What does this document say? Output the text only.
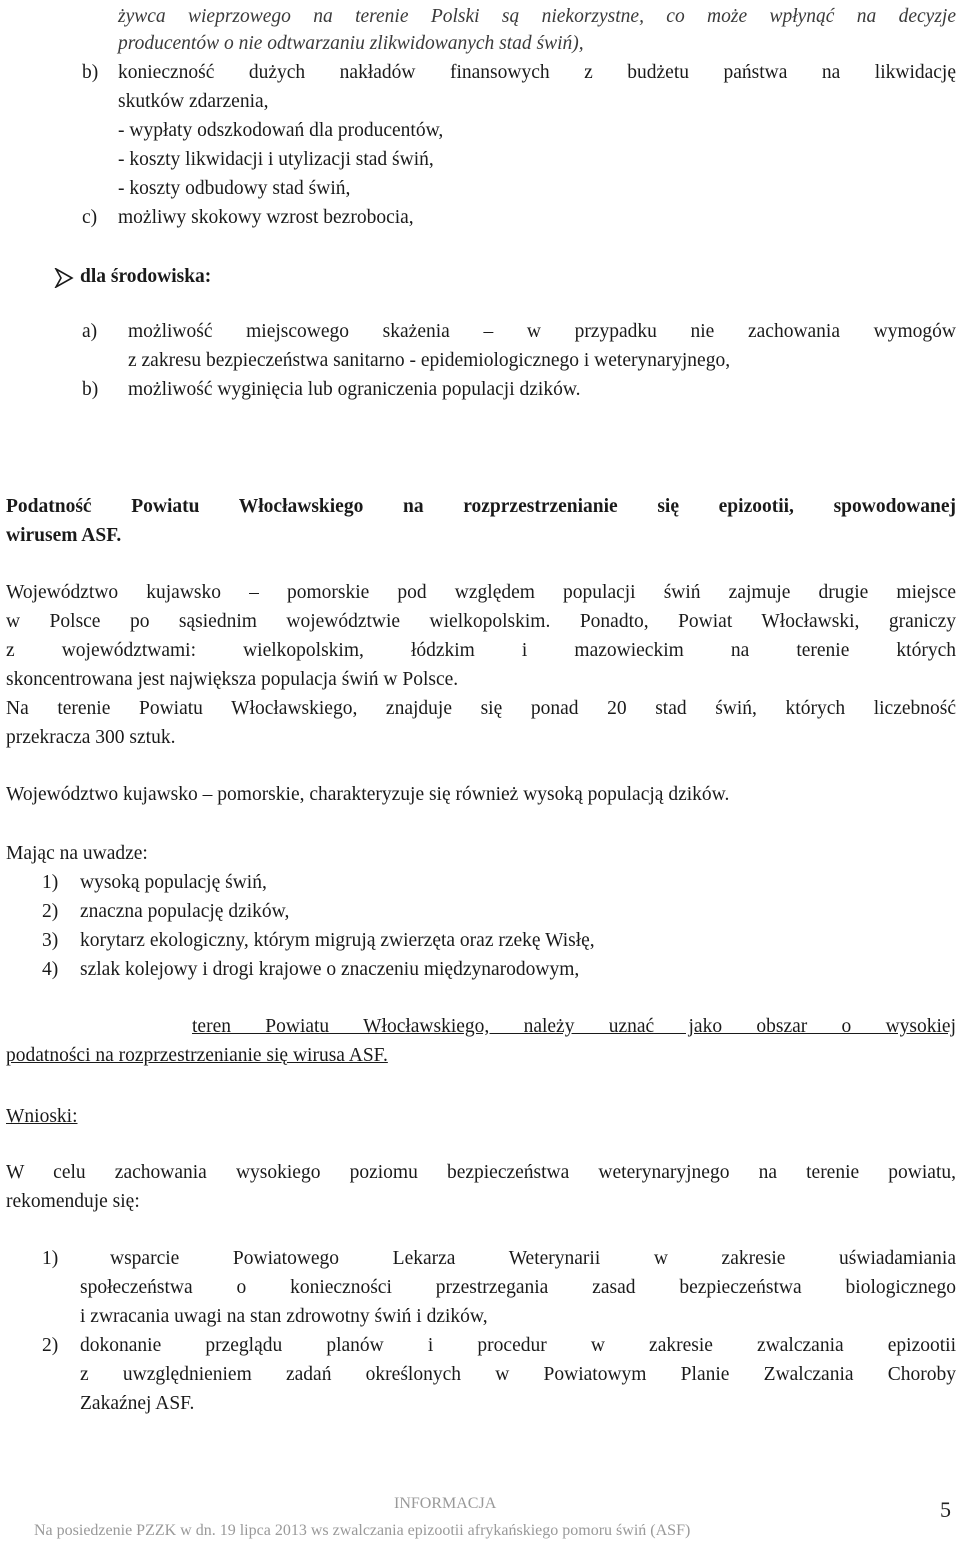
żywca wieprzowego na terenie Polski są niekorzystne, co może wpłynąć na decyzje
producentów o nie odtwarzaniu zlikwidowanych stad świń),
b) konieczność dużych nakładów finansowych z budżetu państwa na likwidację
skutków zdarzenia,
- wypłaty odszkodowań dla producentów,
- koszty likwidacji i utylizacji stad świń,
- koszty odbudowy stad świń,
c) możliwy skokowy wzrost bezrobocia,
dla środowiska:
a) możliwość miejscowego skażenia – w przypadku nie zachowania wymogów
z zakresu bezpieczeństwa sanitarno - epidemiologicznego i weterynaryjnego,
b) możliwość wyginięcia lub ograniczenia populacji dzików.
Podatność Powiatu Włocławskiego na rozprzestrzenianie się epizootii, spowodowanej
wirusem ASF.
Województwo kujawsko – pomorskie pod względem populacji świń zajmuje drugie miejsce
w Polsce po sąsiednim województwie wielkopolskim. Ponadto, Powiat Włocławski, graniczy
z województwami: wielkopolskim, łódzkim i mazowieckim na terenie których
skoncentrowana jest największa populacja świń w Polsce.
Na terenie Powiatu Włocławskiego, znajduje się ponad 20 stad świń, których liczebność
przekracza 300 sztuk.
Województwo kujawsko – pomorskie, charakteryzuje się również wysoką populacją dzików.
Mając na uwadze:
1) wysoką populację świń,
2) znaczna populację dzików,
3) korytarz ekologiczny, którym migrują zwierzęta oraz rzekę Wisłę,
4) szlak kolejowy i drogi krajowe o znaczeniu międzynarodowym,
teren Powiatu Włocławskiego, należy uznać jako obszar o wysokiej
podatności na rozprzestrzenianie się wirusa ASF.
Wnioski:
W celu zachowania wysokiego poziomu bezpieczeństwa weterynaryjnego na terenie powiatu,
rekomenduje się:
1)	wsparcie Powiatowego Lekarza Weterynarii w zakresie uświadamiania
społeczeństwa o konieczności przestrzegania zasad bezpieczeństwa biologicznego
i zwracania uwagi na stan zdrowotny świń i dzików,
2) dokonanie przeglądu planów i procedur w zakresie zwalczania epizootii
z uwzględnieniem zadań określonych w Powiatowym Planie Zwalczania Choroby
Zakaźnej ASF.
INFORMACJA
Na posiedzenie PZZK w dn. 19 lipca 2013 ws zwalczania epizootii afrykańskiego pomoru świń (ASF)
5
